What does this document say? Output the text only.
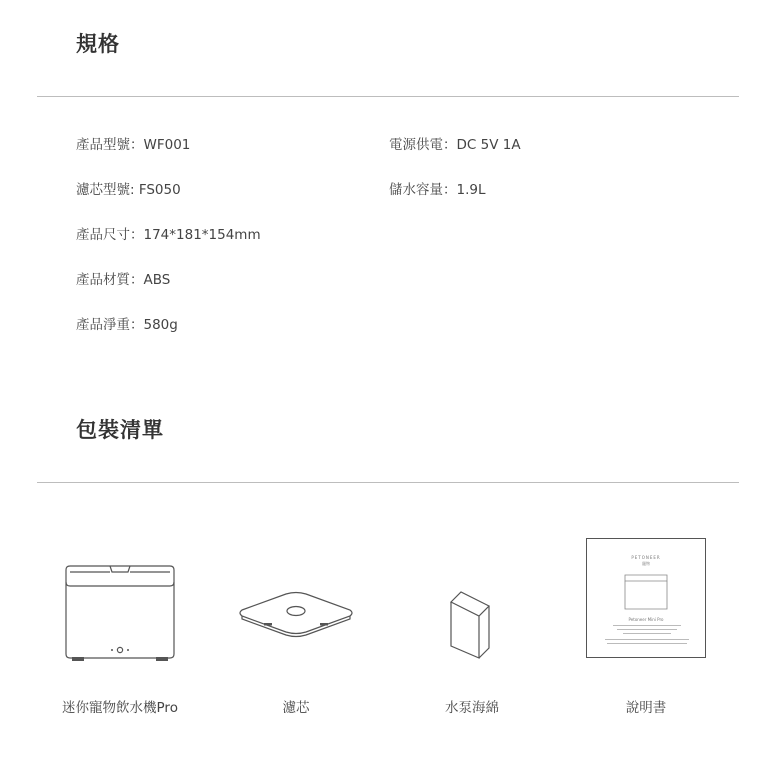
規格
產品型號：WF001
濾芯型號: FS050
產品尺寸：174*181*154mm
產品材質：ABS
產品淨重：580g
電源供電：DC 5V 1A
儲水容量：1.9L
包裝清單
PETONEER
寵物
Petoneer Mini Pro
迷你寵物飲水機Pro	濾芯	水泵海綿	說明書
